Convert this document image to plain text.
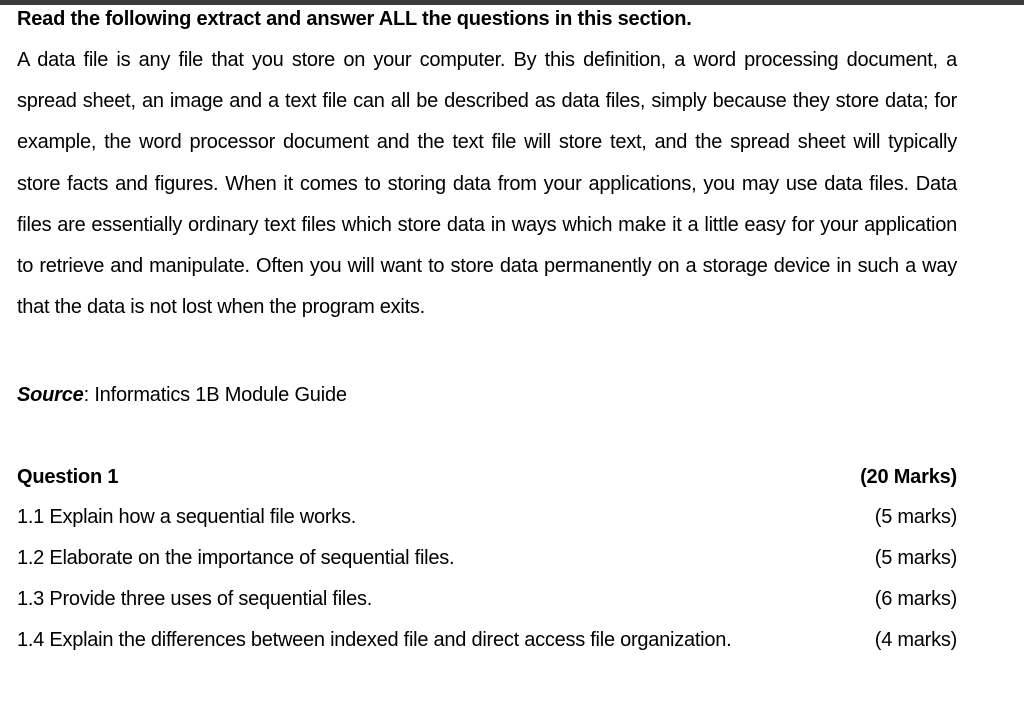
Read the following extract and answer ALL the questions in this section.

A data file is any file that you store on your computer. By this definition, a word processing document, a spread sheet, an image and a text file can all be described as data files, simply because they store data; for example, the word processor document and the text file will store text, and the spread sheet will typically store facts and figures. When it comes to storing data from your applications, you may use data files. Data files are essentially ordinary text files which store data in ways which make it a little easy for your application to retrieve and manipulate. Often you will want to store data permanently on a storage device in such a way that the data is not lost when the program exits.

Source: Informatics 1B Module Guide

Question 1	(20 Marks)
1.1 Explain how a sequential file works.	(5 marks)
1.2 Elaborate on the importance of sequential files.	(5 marks)
1.3 Provide three uses of sequential files.	(6 marks)
1.4 Explain the differences between indexed file and direct access file organization.	(4 marks)
